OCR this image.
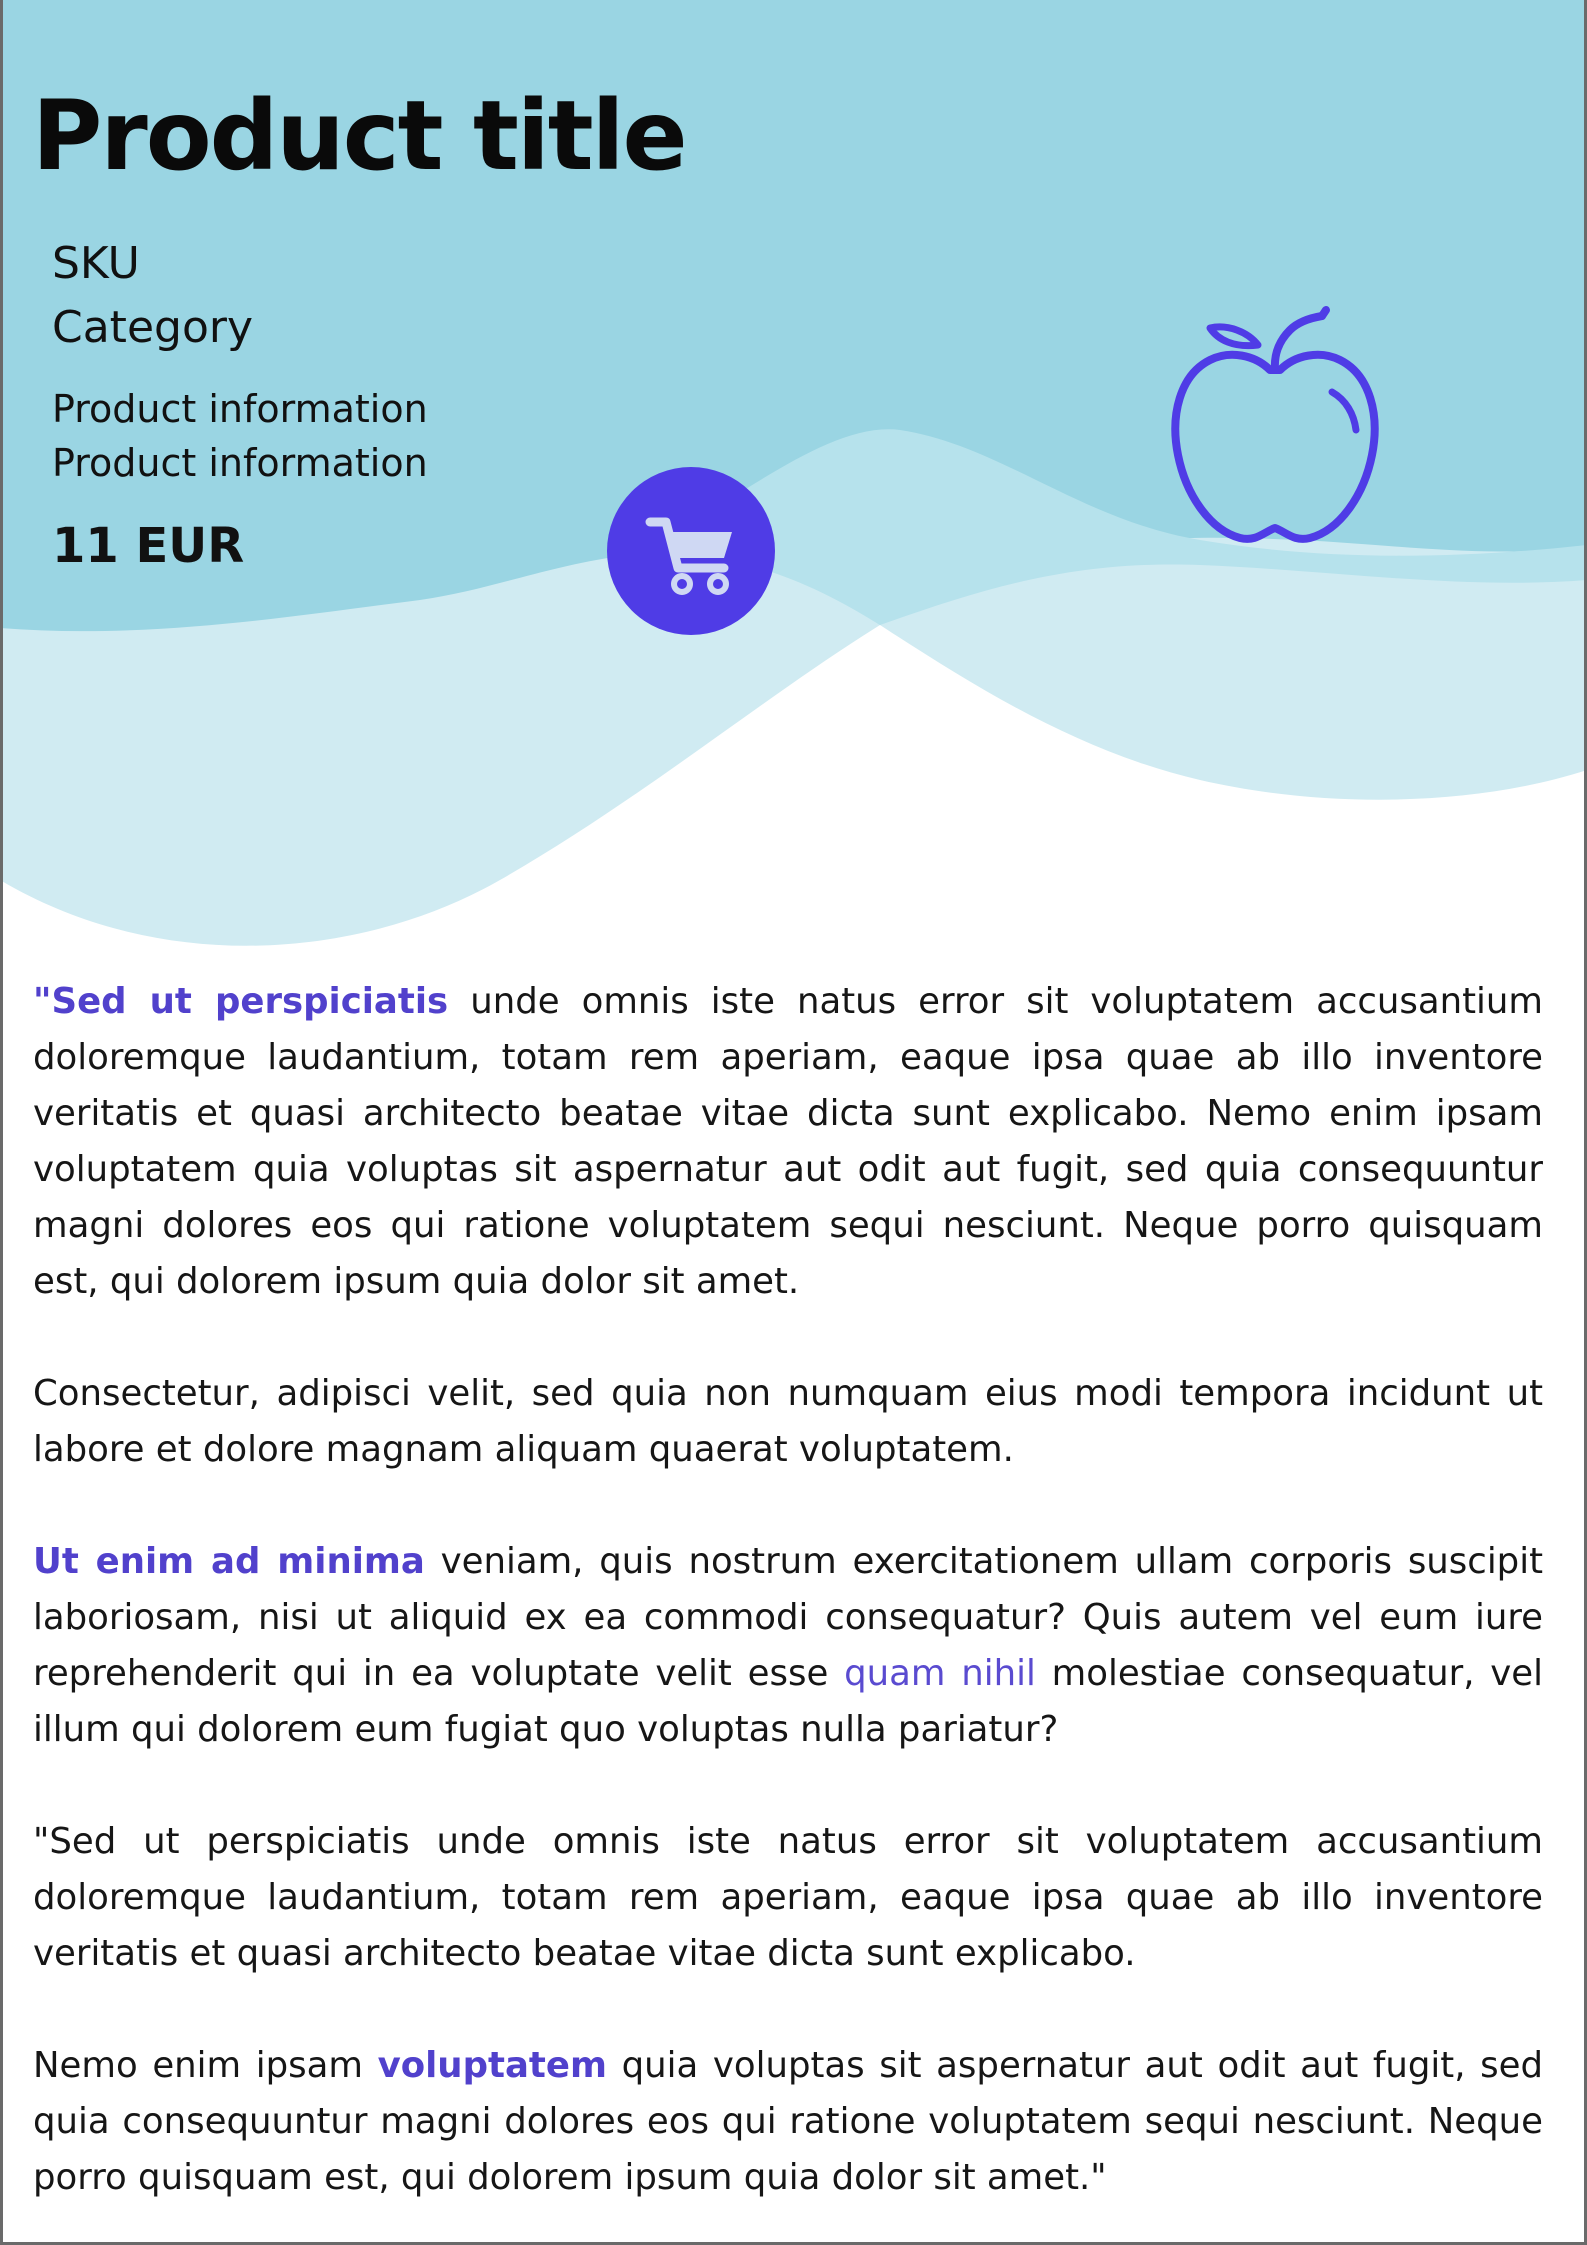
Product title
SKU
Category
Product information
Product information
11 EUR

"Sed ut perspiciatis unde omnis iste natus error sit voluptatem accusantium doloremque laudantium, totam rem aperiam, eaque ipsa quae ab illo inventore veritatis et quasi architecto beatae vitae dicta sunt explicabo. Nemo enim ipsam voluptatem quia voluptas sit aspernatur aut odit aut fugit, sed quia consequuntur magni dolores eos qui ratione voluptatem sequi nesciunt. Neque porro quisquam est, qui dolorem ipsum quia dolor sit amet.

Consectetur, adipisci velit, sed quia non numquam eius modi tempora incidunt ut labore et dolore magnam aliquam quaerat voluptatem.

Ut enim ad minima veniam, quis nostrum exercitationem ullam corporis suscipit laboriosam, nisi ut aliquid ex ea commodi consequatur? Quis autem vel eum iure reprehenderit qui in ea voluptate velit esse quam nihil molestiae consequatur, vel illum qui dolorem eum fugiat quo voluptas nulla pariatur?

"Sed ut perspiciatis unde omnis iste natus error sit voluptatem accusantium doloremque laudantium, totam rem aperiam, eaque ipsa quae ab illo inventore veritatis et quasi architecto beatae vitae dicta sunt explicabo.

Nemo enim ipsam voluptatem quia voluptas sit aspernatur aut odit aut fugit, sed quia consequuntur magni dolores eos qui ratione voluptatem sequi nesciunt. Neque porro quisquam est, qui dolorem ipsum quia dolor sit amet."
